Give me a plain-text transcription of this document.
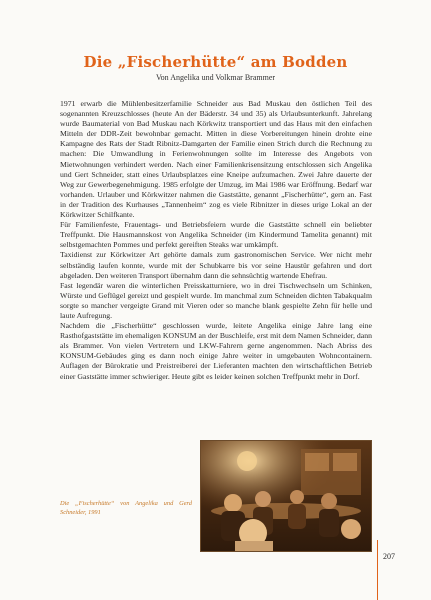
Die „Fischerhütte“ am Bodden
Von Angelika und Volkmar Brammer

1971 erwarb die Mühlenbesitzerfamilie Schneider aus Bad Muskau den östlichen Teil des sogenannten Kreuzschlosses (heute An der Bäderstr. 34 und 35) als Urlaubsunterkunft. Jahrelang wurde Baumaterial von Bad Muskau nach Körkwitz transportiert und das Haus mit den einfachen Mitteln der DDR-Zeit bewohnbar gemacht. Mitten in diese Vorbereitungen hinein drohte eine Kampagne des Rats der Stadt Ribnitz-Damgarten der Familie einen Strich durch die Rechnung zu machen: Die Umwandlung in Ferienwohnungen sollte im Interesse des Angebots von Mietwohnungen verhindert werden. Nach einer Familienkrisensitzung entschlossen sich Angelika und Gert Schneider, statt eines Urlaubsplatzes eine Kneipe aufzumachen. Zwei Jahre dauerte der Weg zur Gewerbegenehmigung. 1985 erfolgte der Umzug, im Mai 1986 war Eröffnung. Bedarf war vorhanden. Urlauber und Körkwitzer nahmen die Gaststätte, genannt „Fischerhütte“, gern an. Fast in der Tradition des Kurhauses „Tannenheim“ zog es viele Ribnitzer in dieses urige Lokal an der Körkwitzer Schilfkante.

Für Familienfeste, Frauentags- und Betriebsfeiern wurde die Gaststätte schnell ein beliebter Treffpunkt. Die Hausmannskost von Angelika Schneider (im Kindermund Tamelita genannt) mit selbstgemachten Pommes und perfekt gereiften Steaks war umkämpft.

Taxidienst zur Körkwitzer Art gehörte damals zum gastronomischen Service. Wer nicht mehr selbständig laufen konnte, wurde mit der Schubkarre bis vor seine Haustür gefahren und dort abgeladen. Den weiteren Transport übernahm dann die sehnsüchtig wartende Ehefrau.

Fast legendär waren die winterlichen Preisskatturniere, wo in drei Tischwechseln um Schinken, Würste und Geflügel gereizt und gespielt wurde. Im manchmal zum Schneiden dichten Tabakqualm sorgte so mancher vergeigte Grand mit Vieren oder so manche blank gespielte Zehn für helle und laute Aufregung.

Nachdem die „Fischerhütte“ geschlossen wurde, leitete Angelika einige Jahre lang eine Rasthofgaststätte im ehemaligen KONSUM an der Buschleife, erst mit dem Namen Schneider, dann als Brammer. Von vielen Vertretern und LKW-Fahrern gerne angenommen. Nach Abriss des KONSUM-Gebäudes ging es dann noch einige Jahre weiter in umgebauten Wohncontainern. Auflagen der Bürokratie und Preistreiberei der Lieferanten machten den wirtschaftlichen Betrieb einer Gaststätte immer schwieriger. Heute gibt es leider keinen solchen Treffpunkt mehr in Dorf.

Die „Fischerhütte“ von Angelika und Gerd Schneider, 1991
207
